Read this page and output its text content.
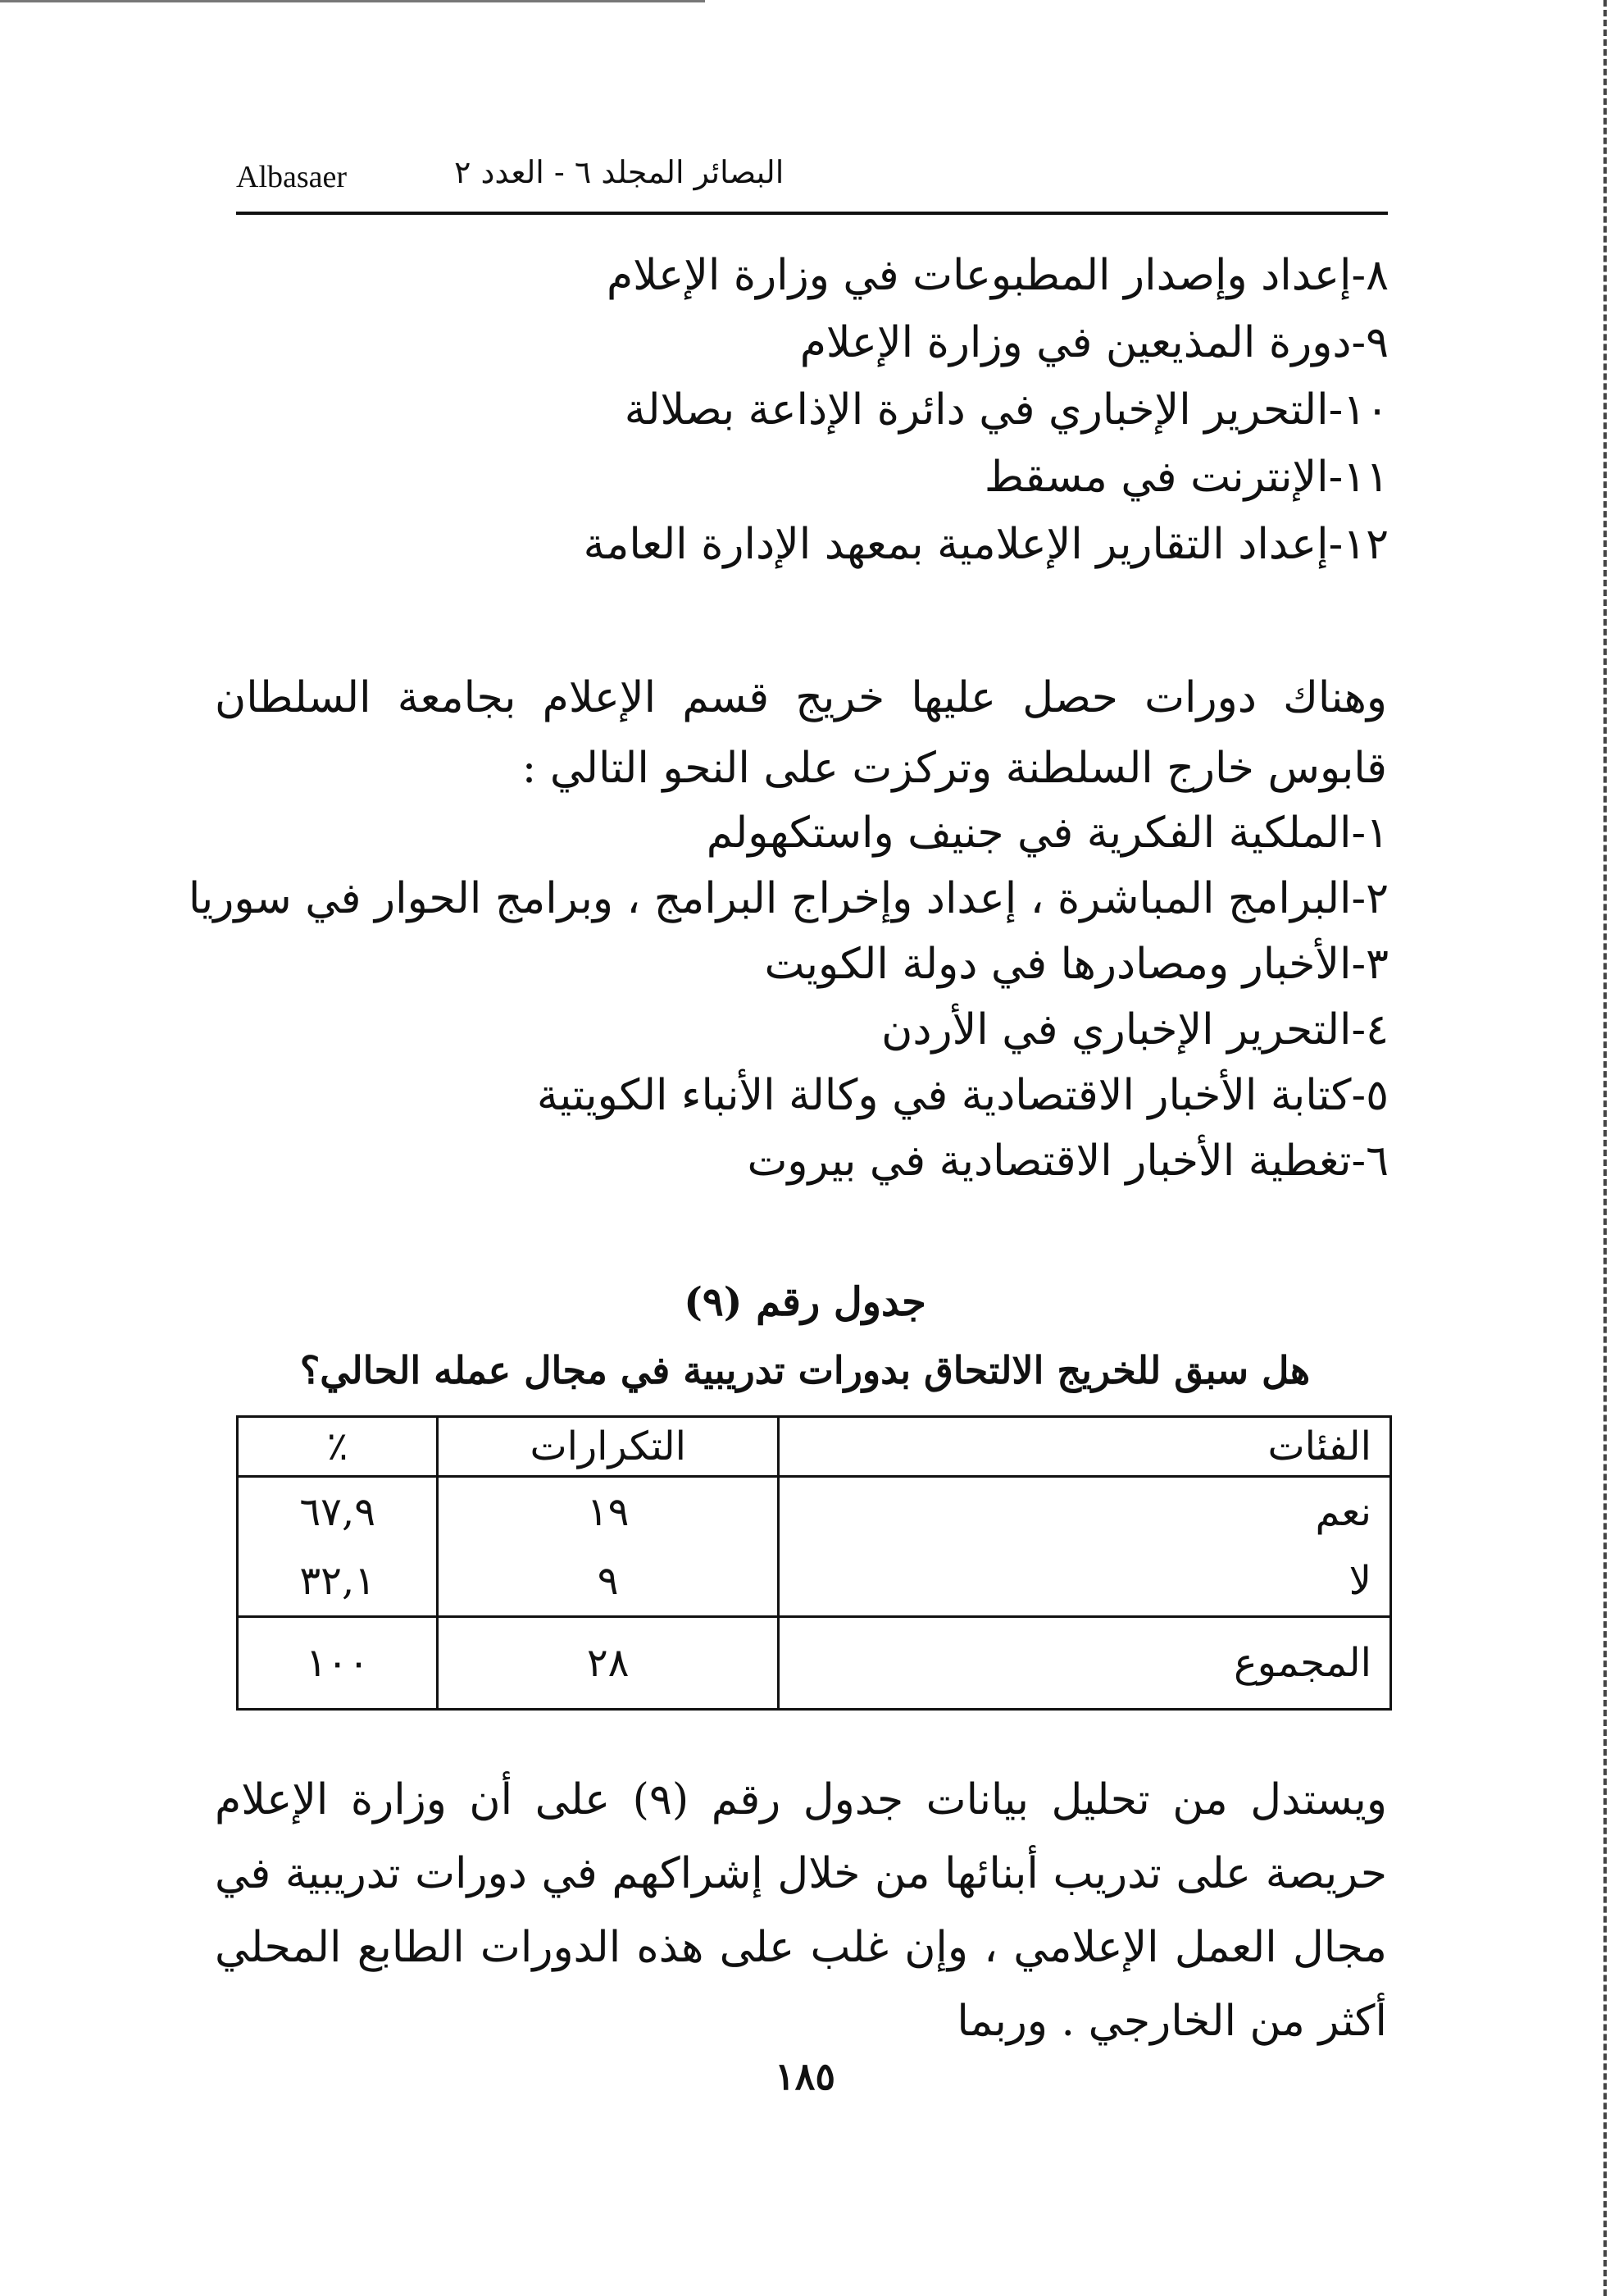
Albasaer	البصائر المجلد ٦ - العدد ٢
٨-إعداد وإصدار المطبوعات في وزارة الإعلام
٩-دورة المذيعين في وزارة الإعلام
١٠-التحرير الإخباري في دائرة الإذاعة بصلالة
١١-الإنترنت في مسقط
١٢-إعداد التقارير الإعلامية بمعهد الإدارة العامة
وهناك دورات حصل عليها خريج قسم الإعلام بجامعة السلطان قابوس خارج السلطنة وتركزت على النحو التالي :
١-الملكية الفكرية في جنيف واستكهولم
٢-البرامج المباشرة ، إعداد وإخراج البرامج ، وبرامج الحوار في سوريا
٣-الأخبار ومصادرها في دولة الكويت
٤-التحرير الإخباري في الأردن
٥-كتابة الأخبار الاقتصادية في وكالة الأنباء الكويتية
٦-تغطية الأخبار الاقتصادية في بيروت
جدول رقم (٩)
هل سبق للخريج الالتحاق بدورات تدريبية في مجال عمله الحالي؟
الفئات	التكرارات	٪
نعم	١٩	٦٧,٩
لا	٩	٣٢,١
المجموع	٢٨	١٠٠
ويستدل من تحليل بيانات جدول رقم (٩) على أن وزارة الإعلام حريصة على تدريب أبنائها من خلال إشراكهم في دورات تدريبية في مجال العمل الإعلامي ، وإن غلب على هذه الدورات الطابع المحلي أكثر من الخارجي . وربما
١٨٥
